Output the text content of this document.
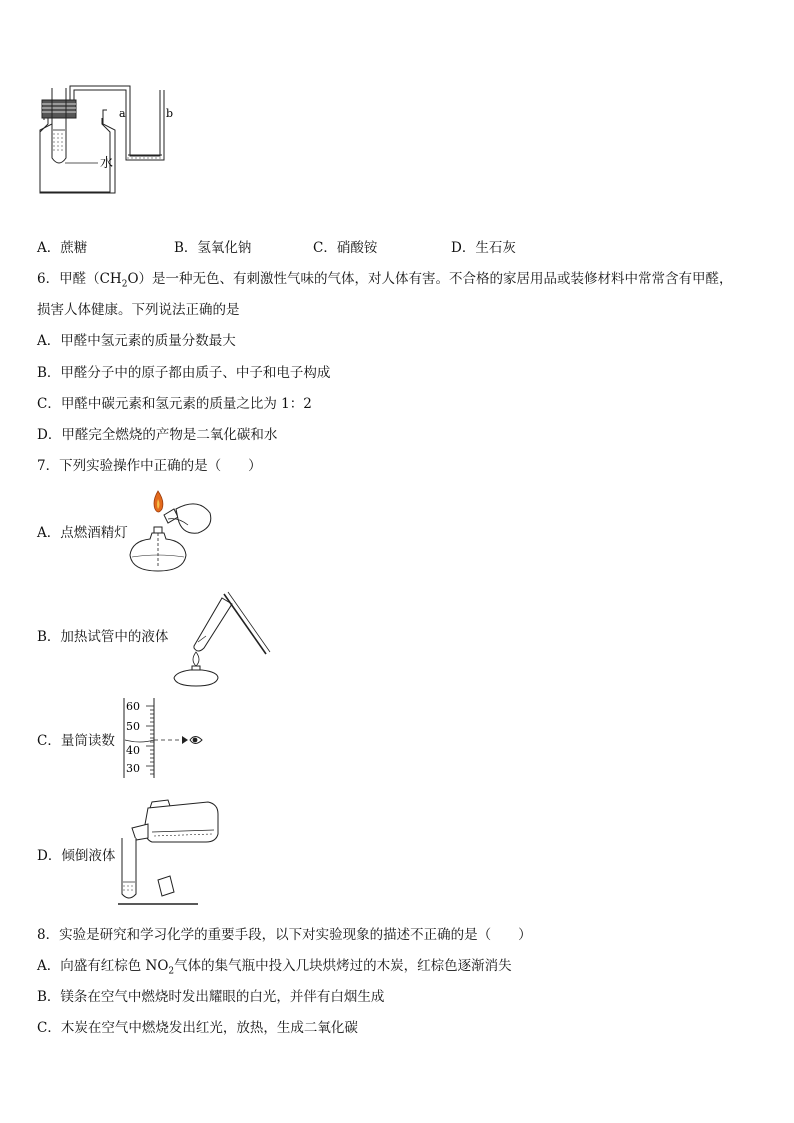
a	b
水
A．蔗糖	B．氢氧化钠	C．硝酸铵	D．生石灰
6．甲醛$(CH_2O)$是一种无色、有刺激性气味的气体，对人体有害。不合格的家居用品或装修材料中常常含有甲醛，
损害人体健康。下列说法正确的是
A．甲醛中氢元素的质量分数最大
B．甲醛分子中的原子都由质子、中子和电子构成
C．甲醛中碳元素和氢元素的质量之比为 1：2
D．甲醛完全燃烧的产物是二氧化碳和水
7．下列实验操作中正确的是（　　）
A．点燃酒精灯
B．加热试管中的液体
C．量筒读数
60
50
40
30
D．倾倒液体
8．实验是研究和学习化学的重要手段，以下对实验现象的描述不正确的是（　　）
A．向盛有红棕色 $NO_2$气体的集气瓶中投入几块烘烤过的木炭，红棕色逐渐消失
B．镁条在空气中燃烧时发出耀眼的白光，并伴有白烟生成
C．木炭在空气中燃烧发出红光，放热，生成二氧化碳
